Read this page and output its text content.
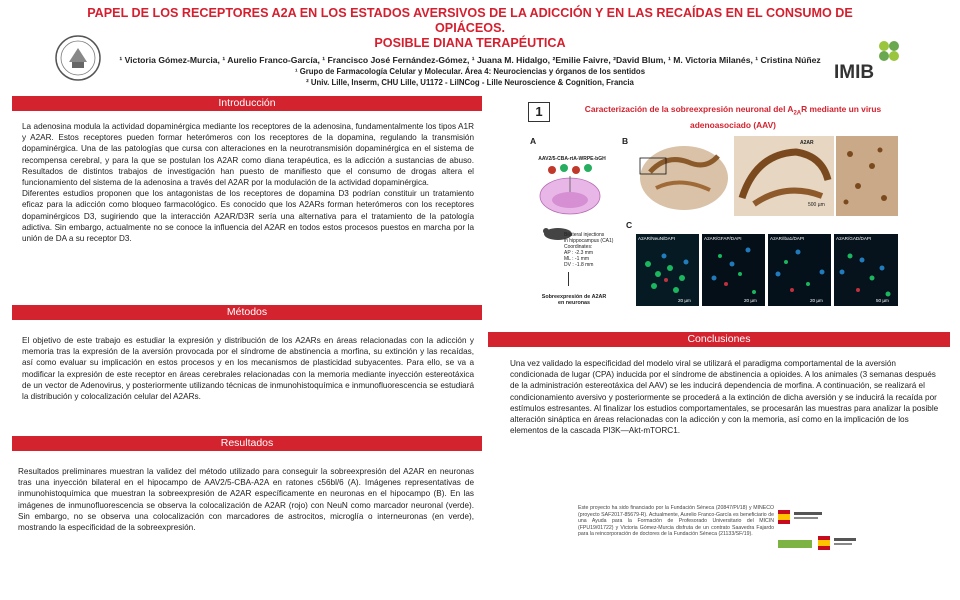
PAPEL DE LOS RECEPTORES A2A EN LOS ESTADOS AVERSIVOS DE LA ADICCIÓN Y EN LAS RECAÍDAS EN EL CONSUMO DE OPIÁCEOS.
POSIBLE DIANA TERAPÉUTICA
¹ Victoria Gómez-Murcia, ¹ Aurelio Franco-García, ¹ Francisco José Fernández-Gómez, ¹ Juana M. Hidalgo, ²Emilie Faivre, ²David Blum, ¹ M. Victoria Milanés, ¹ Cristina Núñez
¹ Grupo de Farmacología Celular y Molecular. Área 4: Neurociencias y órganos de los sentidos
² Univ. Lille, Inserm, CHU Lille, U1172 - LilNCog - Lille Neuroscience & Cognition, Francia	IMIB
Introducción

La adenosina modula la actividad dopaminérgica mediante los receptores de la adenosina, fundamentalmente los tipos A1R y A2AR. Estos receptores pueden formar heterómeros con los receptores de la dopamina, regulando la transmisión dopaminérgica. Una de las patologías que cursa con alteraciones en la neurotransmisión dopaminérgica en el sistema de recompensa cerebral, y para la que se postulan los A2AR como diana terapéutica, es la adicción a sustancias de abuso. Resultados de distintos trabajos de investigación han puesto de manifiesto que el consumo de drogas altera el funcionamiento del sistema de la adenosina a través del A2AR por la modulación de la actividad dopaminérgica.

Diferentes estudios proponen que los antagonistas de los receptores de dopamina D3 podrían constituir un tratamiento eficaz para la adicción como bloqueo farmacológico. Es conocido que los A2ARs forman heterómeros con los receptores dopaminérgicos D3, sugiriendo que la interacción A2AR/D3R sería una alternativa para el tratamiento de la patología adictiva. Sin embargo, actualmente no se conoce la influencia del A2AR en todos estos procesos puestos en marcha por la unión de DA a su receptor D3.

Métodos
El objetivo de este trabajo es estudiar la expresión y distribución de los A2ARs en áreas relacionadas con la adicción y memoria tras la expresión de la aversión provocada por el síndrome de abstinencia a morfina, su extinción y las recaídas, así como evaluar su implicación en estos procesos y en los mecanismos de plasticidad subyacentes. Para ello, se va a modificar la expresión de este receptor en áreas cerebrales relacionadas con la memoria mediante inyección estereotáxica de un vector de Adenovirus, y posteriormente utilizando técnicas de inmunohistoquímica e inmunofluorescencia se estudiará la distribución y colocalización celular del A2ARs.
Resultados
Resultados preliminares muestran la validez del método utilizado para conseguir la sobreexpresión del A2AR en neuronas tras una inyección bilateral en el hipocampo de AAV2/5-CBA-A2A en ratones c56bl/6 (A). Imágenes representativas de inmunohistoquímica que muestran la sobreexpresión de A2AR específicamente en neuronas en el hipocampo (B). En las imágenes de inmunofluorescencia se observa la colocalización de A2AR (rojo) con NeuN como marcador neuronal (verde). Sin embargo, no se observa una colocalización con marcadores de astrocitos, microglía o interneuronas (en verde), mostrando la especificidad de la sobreexpresión.
1	Caracterización de la sobreexpresión neuronal del $A_{2A}R$ mediante un virus adenoasociado (AAV)
A	B
C
AAV2/5-CBA-rtA-WRPE-bGH
Bilateral injections
in hippocampus (CA1)
Coordinates:
AP : -2.3 mm
ML : -1 mm
DV : -1.8 mm
Sobreexpresión de A2AR
en neuronas
A2AR
500 µm
A2AR/NeuN/DAPI	A2AR/GFAP/DAPI	A2AR/Iba1/DAPI	A2AR/GAD/DAPI
20 µm	20 µm	20 µm	50 µm
Conclusiones
Una vez validado la especificidad del modelo viral se utilizará el paradigma comportamental de la aversión condicionada de lugar (CPA) inducida por el síndrome de abstinencia a opioides. A los animales (3 semanas después de la administración estereotáxica del AAV) se les inducirá dependencia de morfina. A continuación, se realizará el condicionamiento aversivo y posteriormente se procederá a la extinción de dicha aversión y se inducirá la recaída por estímulos estresantes. Al finalizar los estudios comportamentales, se procesarán las muestras para analizar la posible alteración sináptica en áreas relacionadas con la adicción y con la memoria, así como en la implicación de los elementos de la cascada PI3K—Akt-mTORC1.
Este proyecto ha sido financiado por la Fundación Séneca (20847/PI/18) y MINECO (proyecto SAF2017-85679-R). Actualmente, Aurelio Franco-García es beneficiario de una Ayuda para la Formación de Profesorado Universitario del MICIN (FPU19/01722) y Victoria Gómez-Murcia disfruta de un contrato Saavedra Fajardo para la reincorporación de doctores de la Fundación Séneca (21133/SF/19).
